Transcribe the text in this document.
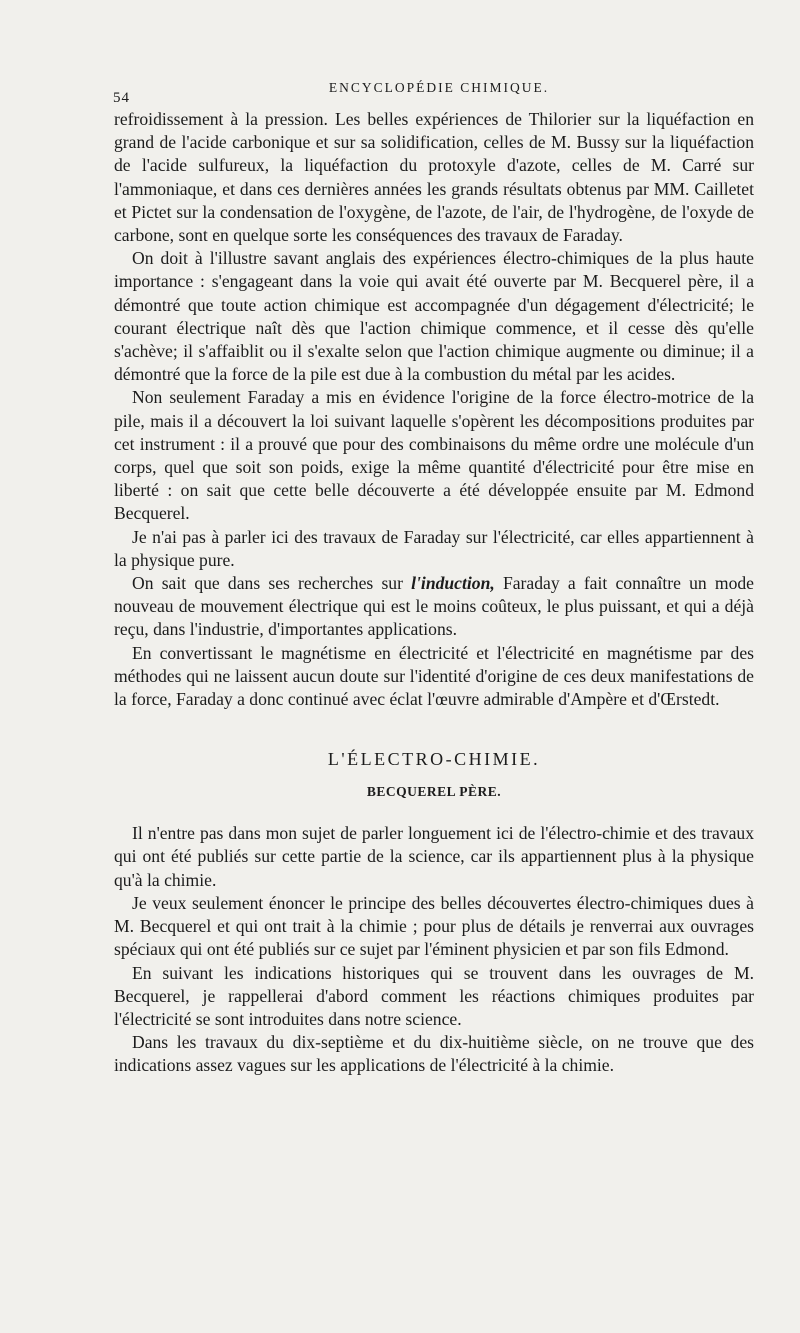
54
ENCYCLOPÉDIE CHIMIQUE.

refroidissement à la pression. Les belles expériences de Thilorier sur la liquéfaction en grand de l'acide carbonique et sur sa solidification, celles de M. Bussy sur la liquéfaction de l'acide sulfureux, la liquéfaction du protoxyle d'azote, celles de M. Carré sur l'ammoniaque, et dans ces dernières années les grands résultats obtenus par MM. Cailletet et Pictet sur la condensation de l'oxygène, de l'azote, de l'air, de l'hydrogène, de l'oxyde de carbone, sont en quelque sorte les conséquences des travaux de Faraday.

On doit à l'illustre savant anglais des expériences électro-chimiques de la plus haute importance : s'engageant dans la voie qui avait été ouverte par M. Becquerel père, il a démontré que toute action chimique est accompagnée d'un dégagement d'électricité; le courant électrique naît dès que l'action chimique commence, et il cesse dès qu'elle s'achève; il s'affaiblit ou il s'exalte selon que l'action chimique augmente ou diminue; il a démontré que la force de la pile est due à la combustion du métal par les acides.

Non seulement Faraday a mis en évidence l'origine de la force électro-motrice de la pile, mais il a découvert la loi suivant laquelle s'opèrent les décompositions produites par cet instrument : il a prouvé que pour des combinaisons du même ordre une molécule d'un corps, quel que soit son poids, exige la même quantité d'électricité pour être mise en liberté : on sait que cette belle découverte a été développée ensuite par M. Edmond Becquerel.

Je n'ai pas à parler ici des travaux de Faraday sur l'électricité, car elles appartiennent à la physique pure.

On sait que dans ses recherches sur l'induction, Faraday a fait connaître un mode nouveau de mouvement électrique qui est le moins coûteux, le plus puissant, et qui a déjà reçu, dans l'industrie, d'importantes applications.

En convertissant le magnétisme en électricité et l'électricité en magnétisme par des méthodes qui ne laissent aucun doute sur l'identité d'origine de ces deux manifestations de la force, Faraday a donc continué avec éclat l'œuvre admirable d'Ampère et d'Œrstedt.

L'ÉLECTRO-CHIMIE.
BECQUEREL PÈRE.

Il n'entre pas dans mon sujet de parler longuement ici de l'électro-chimie et des travaux qui ont été publiés sur cette partie de la science, car ils appartiennent plus à la physique qu'à la chimie.

Je veux seulement énoncer le principe des belles découvertes électro-chimiques dues à M. Becquerel et qui ont trait à la chimie ; pour plus de détails je renverrai aux ouvrages spéciaux qui ont été publiés sur ce sujet par l'éminent physicien et par son fils Edmond.

En suivant les indications historiques qui se trouvent dans les ouvrages de M. Becquerel, je rappellerai d'abord comment les réactions chimiques produites par l'électricité se sont introduites dans notre science.

Dans les travaux du dix-septième et du dix-huitième siècle, on ne trouve que des indications assez vagues sur les applications de l'électricité à la chimie.
